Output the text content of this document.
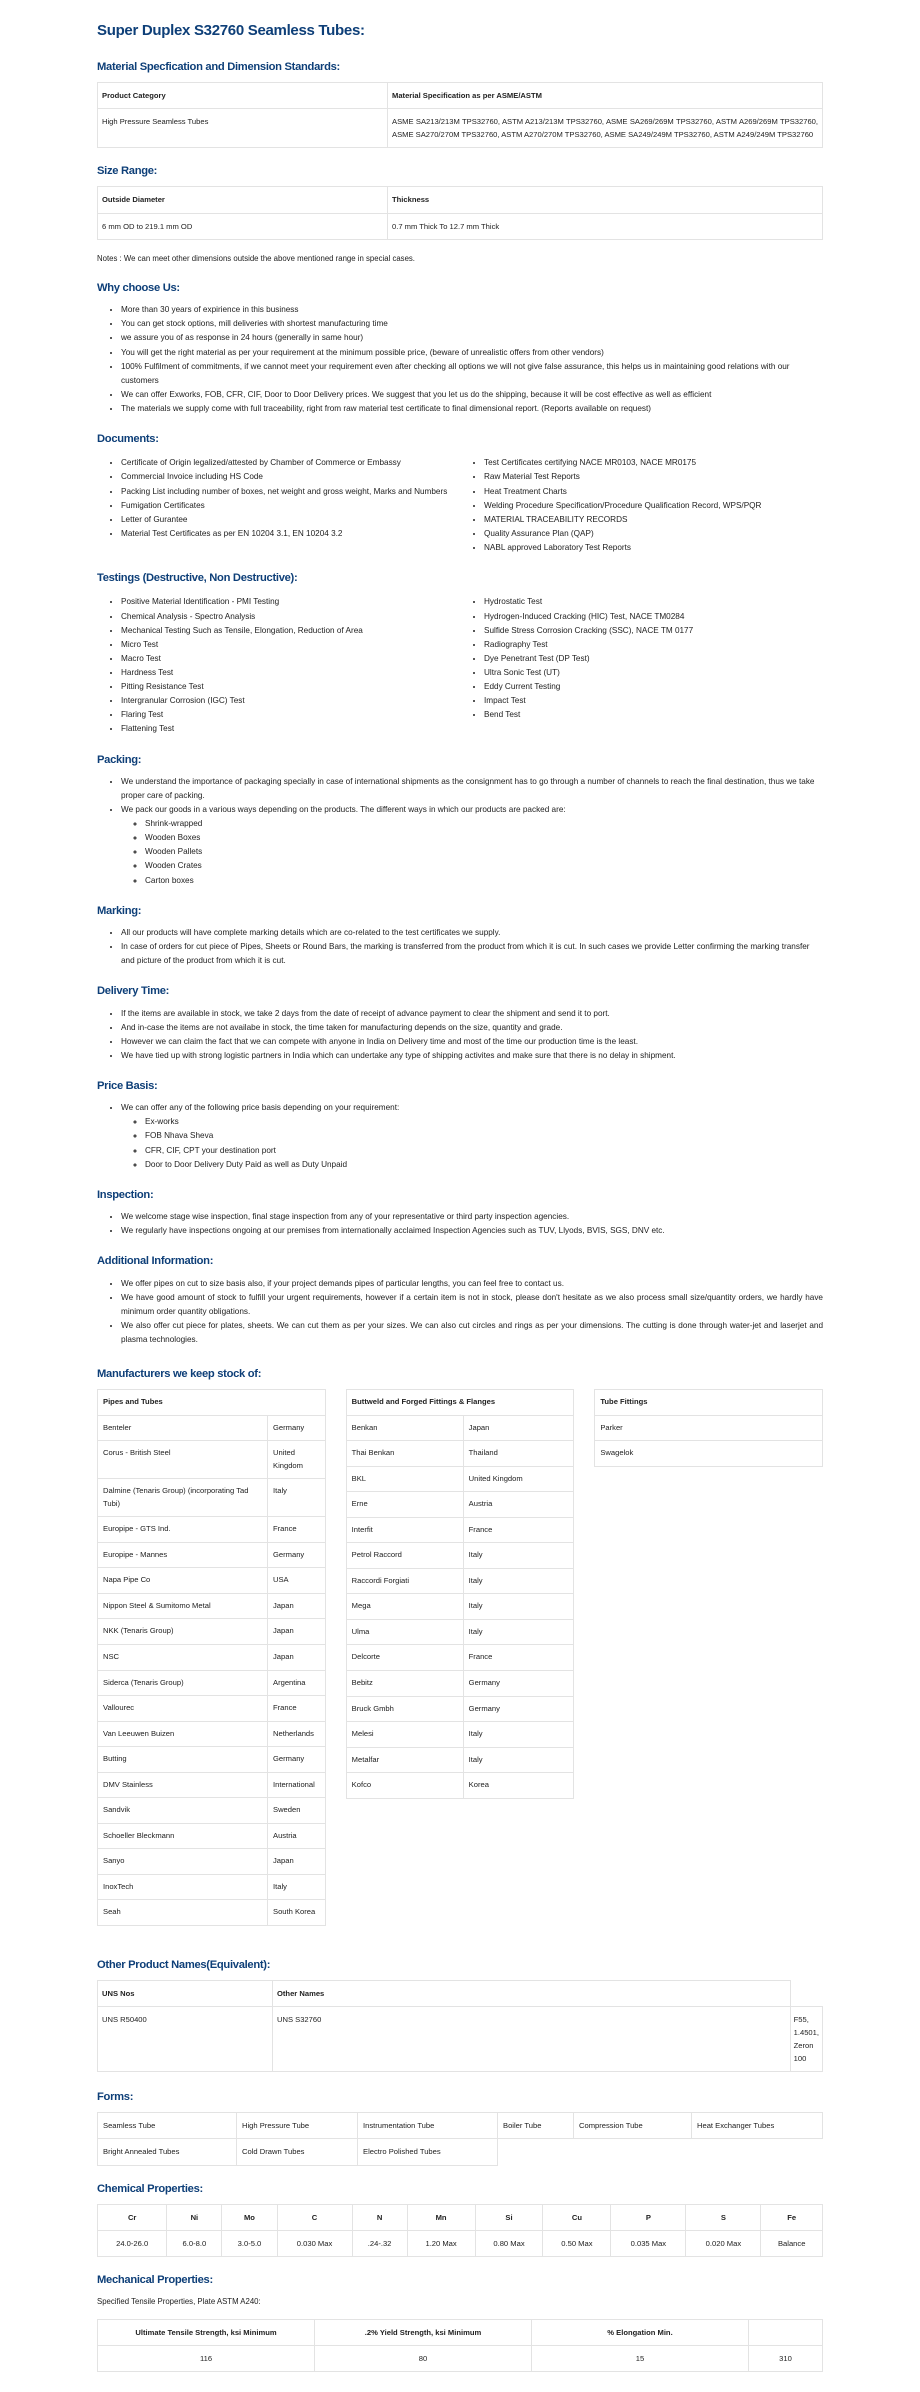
Super Duplex S32760 Seamless Tubes:
Material Specfication and Dimension Standards:
Product Category	Material Specification as per ASME/ASTM
High Pressure Seamless Tubes	ASME SA213/213M TPS32760, ASTM A213/213M TPS32760, ASME SA269/269M TPS32760, ASTM A269/269M TPS32760, ASME SA270/270M TPS32760, ASTM A270/270M TPS32760, ASME SA249/249M TPS32760, ASTM A249/249M TPS32760
Size Range:
Outside Diameter	Thickness
6 mm OD to 219.1 mm OD	0.7 mm Thick To 12.7 mm Thick

Notes : We can meet other dimensions outside the above mentioned range in special cases.

Why choose Us:
• More than 30 years of expirience in this business
• You can get stock options, mill deliveries with shortest manufacturing time
• we assure you of as response in 24 hours (generally in same hour)
• You will get the right material as per your requirement at the minimum possible price, (beware of unrealistic offers from other vendors)
• 100% Fulfilment of commitments, if we cannot meet your requirement even after checking all options we will not give false assurance, this helps us in maintaining good relations with our customers
• We can offer Exworks, FOB, CFR, CIF, Door to Door Delivery prices. We suggest that you let us do the shipping, because it will be cost effective as well as efficient
• The materials we supply come with full traceability, right from raw material test certificate to final dimensional report. (Reports available on request)
Documents:
• Certificate of Origin legalized/attested by Chamber of Commerce or Embassy
• Commercial Invoice including HS Code
• Packing List including number of boxes, net weight and gross weight, Marks and Numbers
• Fumigation Certificates
• Letter of Gurantee
• Material Test Certificates as per EN 10204 3.1, EN 10204 3.2
• Test Certificates certifying NACE MR0103, NACE MR0175
• Raw Material Test Reports
• Heat Treatment Charts
• Welding Procedure Specification/Procedure Qualification Record, WPS/PQR
• MATERIAL TRACEABILITY RECORDS
• Quality Assurance Plan (QAP)
• NABL approved Laboratory Test Reports
Testings (Destructive, Non Destructive):
• Positive Material Identification - PMI Testing
• Chemical Analysis - Spectro Analysis
• Mechanical Testing Such as Tensile, Elongation, Reduction of Area
• Micro Test
• Macro Test
• Hardness Test
• Pitting Resistance Test
• Intergranular Corrosion (IGC) Test
• Flaring Test
• Flattening Test
• Hydrostatic Test
• Hydrogen-Induced Cracking (HIC) Test, NACE TM0284
• Sulfide Stress Corrosion Cracking (SSC), NACE TM 0177
• Radiography Test
• Dye Penetrant Test (DP Test)
• Ultra Sonic Test (UT)
• Eddy Current Testing
• Impact Test
• Bend Test
Packing:
• We understand the importance of packaging specially in case of international shipments as the consignment has to go through a number of channels to reach the final destination, thus we take proper care of packing.
• We pack our goods in a various ways depending on the products. The different ways in which our products are packed are:
◦ Shrink-wrapped
◦ Wooden Boxes
◦ Wooden Pallets
◦ Wooden Crates
◦ Carton boxes
Marking:
• All our products will have complete marking details which are co-related to the test certificates we supply.
• In case of orders for cut piece of Pipes, Sheets or Round Bars, the marking is transferred from the product from which it is cut. In such cases we provide Letter confirming the marking transfer and picture of the product from which it is cut.
Delivery Time:
• If the items are available in stock, we take 2 days from the date of receipt of advance payment to clear the shipment and send it to port.
• And in-case the items are not availabe in stock, the time taken for manufacturing depends on the size, quantity and grade.
• However we can claim the fact that we can compete with anyone in India on Delivery time and most of the time our production time is the least.
• We have tied up with strong logistic partners in India which can undertake any type of shipping activites and make sure that there is no delay in shipment.
Price Basis:
• We can offer any of the following price basis depending on your requirement:
◦ Ex-works
◦ FOB Nhava Sheva
◦ CFR, CIF, CPT your destination port
◦ Door to Door Delivery Duty Paid as well as Duty Unpaid
Inspection:
• We welcome stage wise inspection, final stage inspection from any of your representative or third party inspection agencies.
• We regularly have inspections ongoing at our premises from internationally acclaimed Inspection Agencies such as TUV, Llyods, BVIS, SGS, DNV etc.
Additional Information:
• We offer pipes on cut to size basis also, if your project demands pipes of particular lengths, you can feel free to contact us.
• We have good amount of stock to fulfill your urgent requirements, however if a certain item is not in stock, please don't hesitate as we also process small size/quantity orders, we hardly have minimum order quantity obligations.
• We also offer cut piece for plates, sheets. We can cut them as per your sizes. We can also cut circles and rings as per your dimensions. The cutting is done through water-jet and laserjet and plasma technologies.
Manufacturers we keep stock of:
Pipes and Tubes	
Benteler	Germany
Corus - British Steel	United Kingdom
Dalmine (Tenaris Group) (incorporating Tad Tubi)	Italy
Europipe - GTS Ind.	France
Europipe - Mannes	Germany
Napa Pipe Co	USA
Nippon Steel & Sumitomo Metal	Japan
NKK (Tenaris Group)	Japan
NSC	Japan
Siderca (Tenaris Group)	Argentina
Vallourec	France
Van Leeuwen Buizen	Netherlands
Butting	Germany
DMV Stainless	International
Sandvik	Sweden
Schoeller Bleckmann	Austria
Sanyo	Japan
InoxTech	Italy
Seah	South Korea
Buttweld and Forged Fittings & Flanges	
Benkan	Japan
Thai Benkan	Thailand
BKL	United Kingdom
Erne	Austria
Interfit	France
Petrol Raccord	Italy
Raccordi Forgiati	Italy
Mega	Italy
Ulma	Italy
Delcorte	France
Bebitz	Germany
Bruck Gmbh	Germany
Melesi	Italy
Metalfar	Italy
Kofco	Korea
Tube Fittings
Parker
Swagelok
Other Product Names(Equivalent):
UNS Nos	Other Names	
UNS R50400	UNS S32760	F55, 1.4501, Zeron 100
Forms:
Seamless Tube	High Pressure Tube	Instrumentation Tube	Boiler Tube	Compression Tube	Heat Exchanger Tubes
Bright Annealed Tubes	Cold Drawn Tubes	Electro Polished Tubes			
Chemical Properties:
Cr	Ni	Mo	C	N	Mn	Si	Cu	P	S	Fe
24.0-26.0	6.0-8.0	3.0-5.0	0.030 Max	.24-.32	1.20 Max	0.80 Max	0.50 Max	0.035 Max	0.020 Max	Balance
Mechanical Properties:

Specified Tensile Properties, Plate ASTM A240:

Ultimate Tensile Strength, ksi Minimum	.2% Yield Strength, ksi Minimum	% Elongation Min.	
116	80	15	310
